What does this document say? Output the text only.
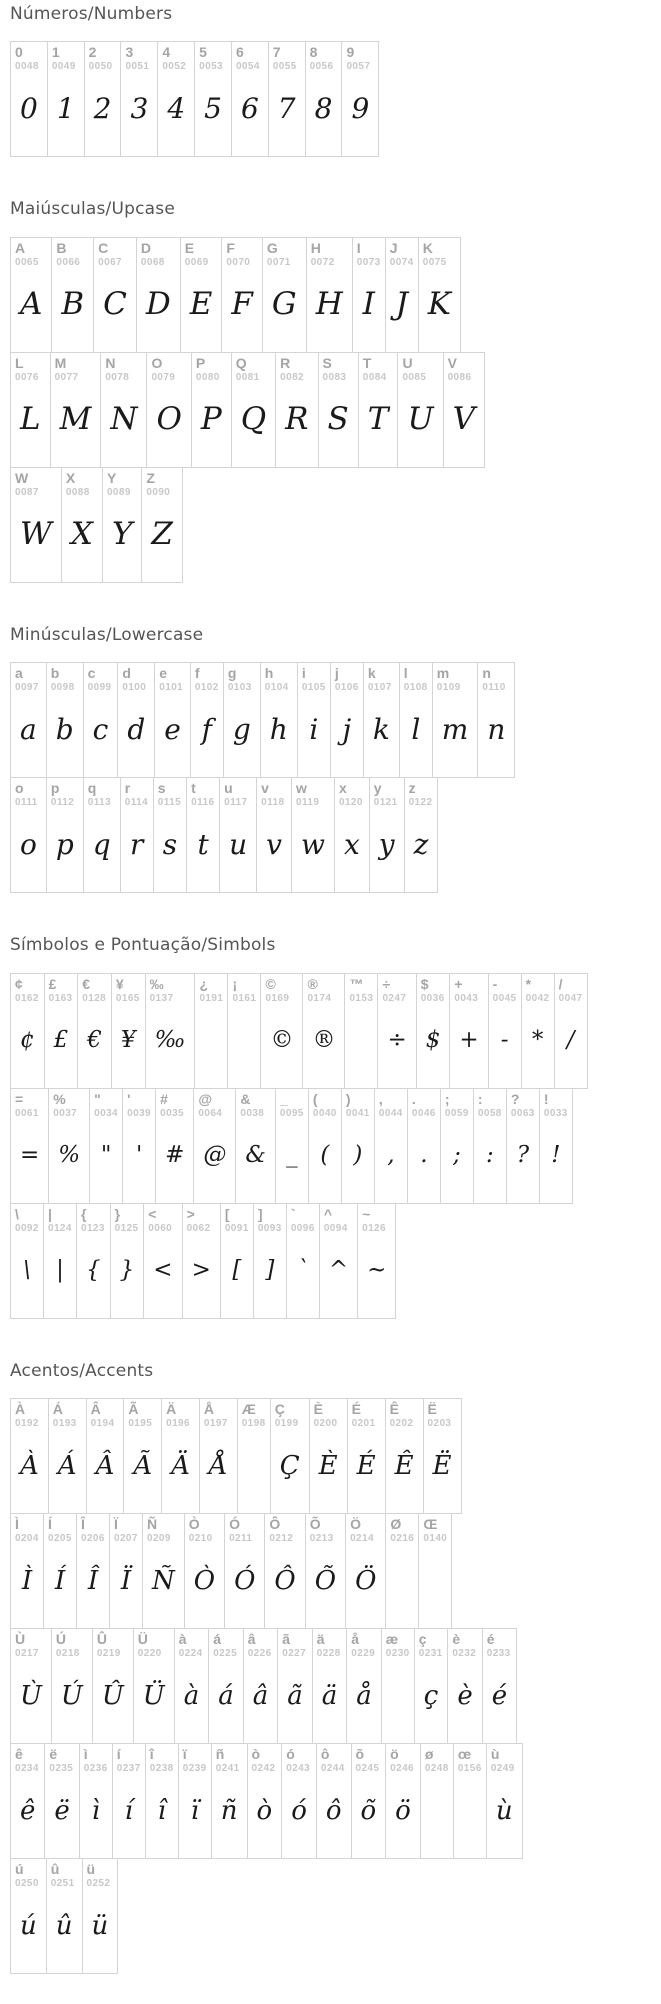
Números/Numbers
0
0048
0
1
0049
1
2
0050
2
3
0051
3
4
0052
4
5
0053
5
6
0054
6
7
0055
7
8
0056
8
9
0057
9
Maiúsculas/Upcase
A
0065
A
B
0066
B
C
0067
C
D
0068
D
E
0069
E
F
0070
F
G
0071
G
H
0072
H
I
0073
I
J
0074
J
K
0075
K
L
0076
L
M
0077
M
N
0078
N
O
0079
O
P
0080
P
Q
0081
Q
R
0082
R
S
0083
S
T
0084
T
U
0085
U
V
0086
V
W
0087
W
X
0088
X
Y
0089
Y
Z
0090
Z
Minúsculas/Lowercase
a
0097
a
b
0098
b
c
0099
c
d
0100
d
e
0101
e
f
0102
f
g
0103
g
h
0104
h
i
0105
i
j
0106
j
k
0107
k
l
0108
l
m
0109
m
n
0110
n
o
0111
o
p
0112
p
q
0113
q
r
0114
r
s
0115
s
t
0116
t
u
0117
u
v
0118
v
w
0119
w
x
0120
x
y
0121
y
z
0122
z
Símbolos e Pontuação/Simbols
¢
0162
¢
£
0163
£
€
0128
€
¥
0165
¥
‰
0137
‰
¿
0191
¡
0161
©
0169
©
®
0174
®
™
0153
÷
0247
÷
$
0036
$
+
0043
+
-
0045
-
*
0042
*
/
0047
/
=
0061
=
%
0037
%
"
0034
"
'
0039
'
#
0035
#
@
0064
@
&
0038
&
_
0095
_
(
0040
(
)
0041
)
,
0044
,
.
0046
.
;
0059
;
:
0058
:
?
0063
?
!
0033
!
\
0092
\
|
0124
|
{
0123
{
}
0125
}
<
0060
<
>
0062
>
[
0091
[
]
0093
]
`
0096
`
^
0094
^
~
0126
~
Acentos/Accents
À
0192
À
Á
0193
Á
Â
0194
Â
Ã
0195
Ã
Ä
0196
Ä
Å
0197
Å
Æ
0198
Ç
0199
Ç
È
0200
È
É
0201
É
Ê
0202
Ê
Ë
0203
Ë
Ì
0204
Ì
Í
0205
Í
Î
0206
Î
Ï
0207
Ï
Ñ
0209
Ñ
Ò
0210
Ò
Ó
0211
Ó
Ô
0212
Ô
Õ
0213
Õ
Ö
0214
Ö
Ø
0216
Œ
0140
Ù
0217
Ù
Ú
0218
Ú
Û
0219
Û
Ü
0220
Ü
à
0224
à
á
0225
á
â
0226
â
ã
0227
ã
ä
0228
ä
å
0229
å
æ
0230
ç
0231
ç
è
0232
è
é
0233
é
ê
0234
ê
ë
0235
ë
ì
0236
ì
í
0237
í
î
0238
î
ï
0239
ï
ñ
0241
ñ
ò
0242
ò
ó
0243
ó
ô
0244
ô
õ
0245
õ
ö
0246
ö
ø
0248
œ
0156
ù
0249
ù
ú
0250
ú
û
0251
û
ü
0252
ü
